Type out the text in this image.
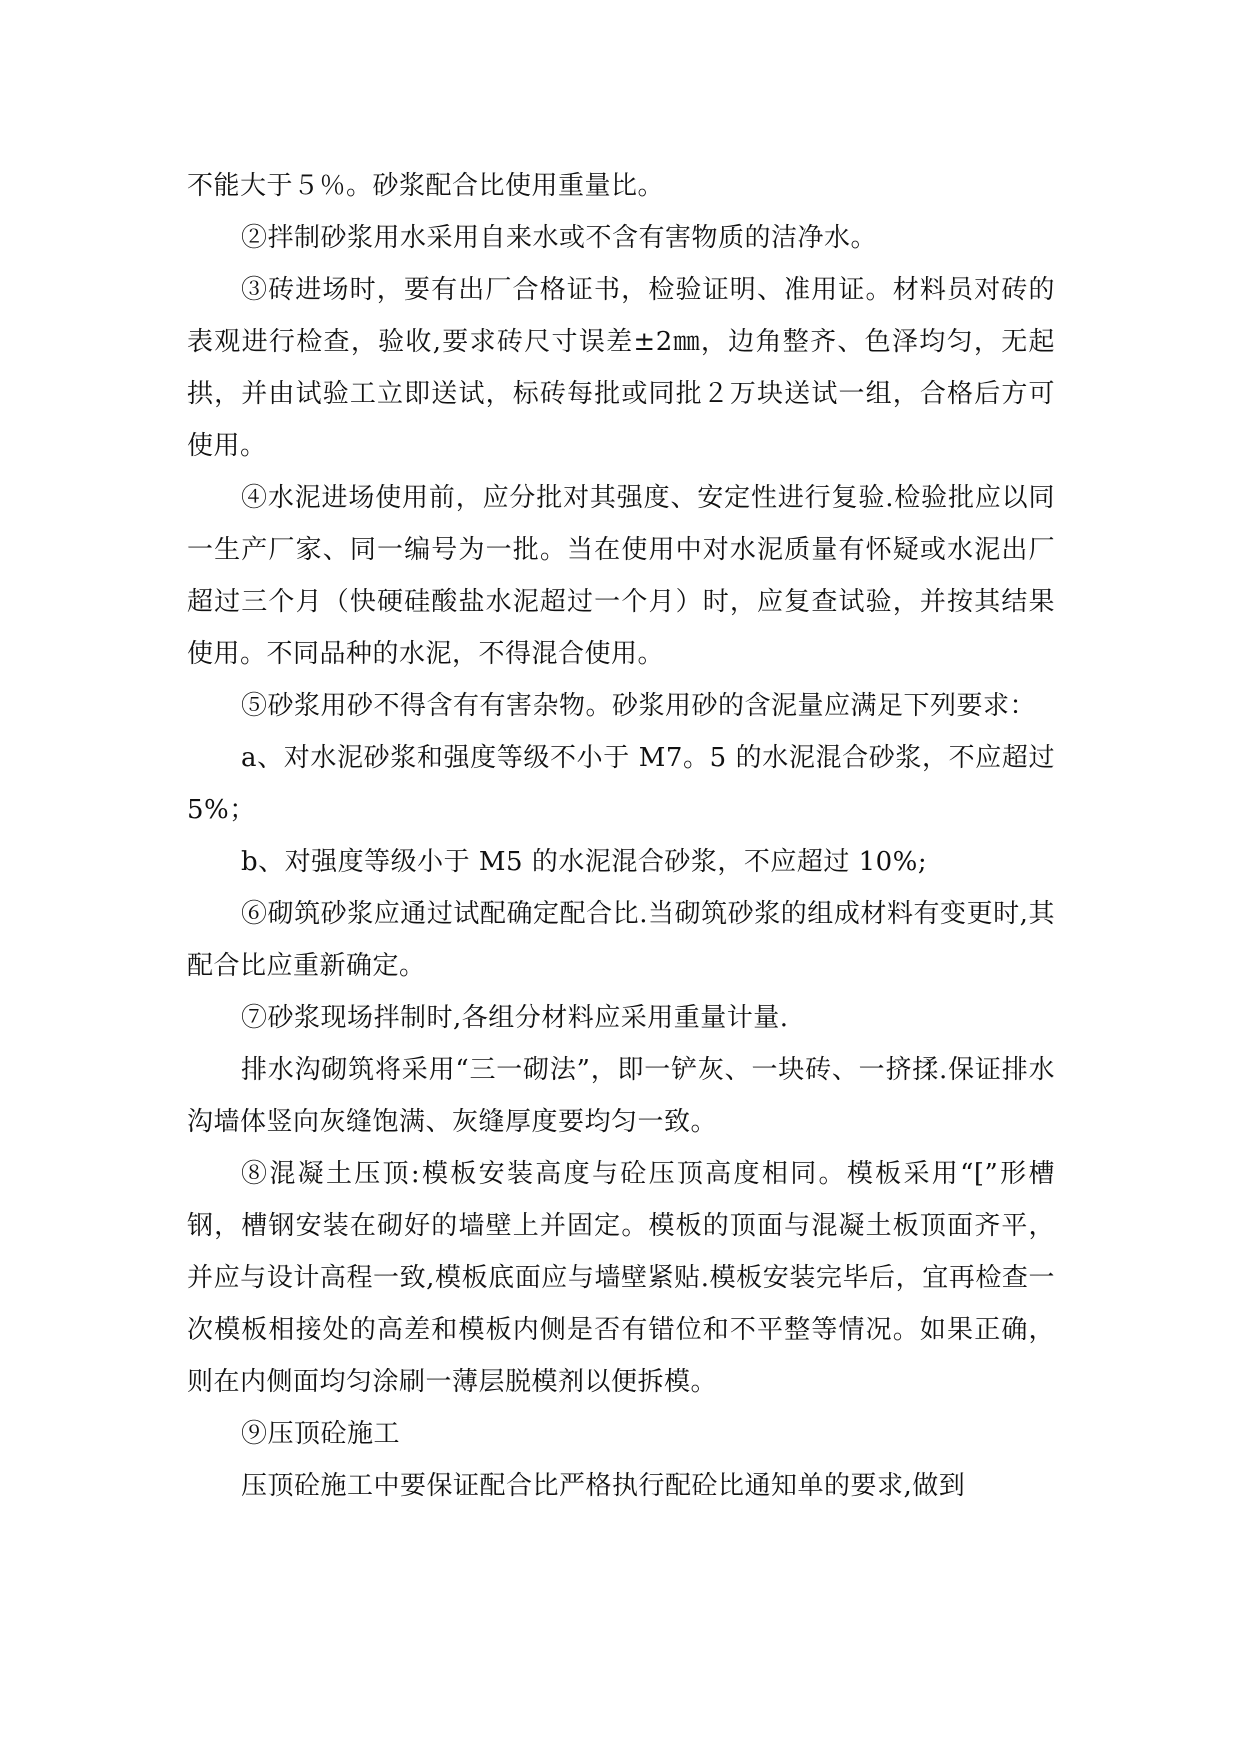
不能大于５％。砂浆配合比使用重量比。

②拌制砂浆用水采用自来水或不含有害物质的洁净水。

③砖进场时，要有出厂合格证书，检验证明、准用证。材料员对砖的表观进行检查，验收,要求砖尺寸误差±2㎜，边角整齐、色泽均匀，无起拱，并由试验工立即送试，标砖每批或同批２万块送试一组，合格后方可使用。

④水泥进场使用前，应分批对其强度、安定性进行复验.检验批应以同一生产厂家、同一编号为一批。当在使用中对水泥质量有怀疑或水泥出厂超过三个月（快硬硅酸盐水泥超过一个月）时，应复查试验，并按其结果使用。不同品种的水泥，不得混合使用。

⑤砂浆用砂不得含有有害杂物。砂浆用砂的含泥量应满足下列要求：

a、对水泥砂浆和强度等级不小于 M7。5 的水泥混合砂浆，不应超过 5%；

b、对强度等级小于 M5 的水泥混合砂浆，不应超过 10%;

⑥砌筑砂浆应通过试配确定配合比.当砌筑砂浆的组成材料有变更时,其配合比应重新确定。

⑦砂浆现场拌制时,各组分材料应采用重量计量.

排水沟砌筑将采用“三一砌法”，即一铲灰、一块砖、一挤揉.保证排水沟墙体竖向灰缝饱满、灰缝厚度要均匀一致。

⑧混凝土压顶:模板安装高度与砼压顶高度相同。模板采用“[”形槽钢，槽钢安装在砌好的墙壁上并固定。模板的顶面与混凝土板顶面齐平，并应与设计高程一致,模板底面应与墙壁紧贴.模板安装完毕后，宜再检查一次模板相接处的高差和模板内侧是否有错位和不平整等情况。如果正确，则在内侧面均匀涂刷一薄层脱模剂以便拆模。

⑨压顶砼施工

压顶砼施工中要保证配合比严格执行配砼比通知单的要求,做到
